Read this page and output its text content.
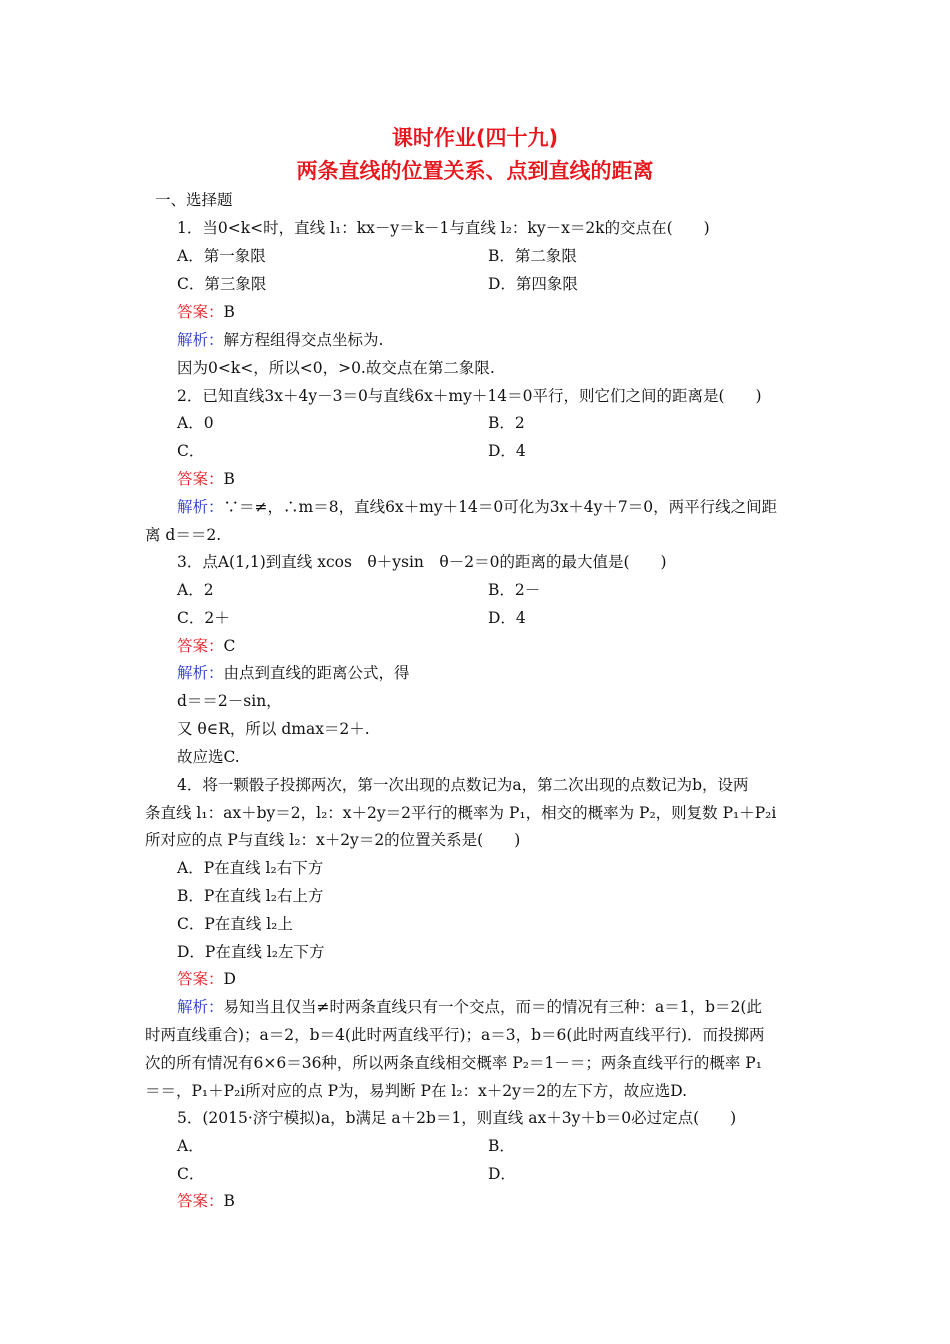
课时作业(四十九)
两条直线的位置关系、点到直线的距离
一、选择题
1．当0<k<时，直线 l₁：kx－y＝k－1与直线 l₂：ky－x＝2k的交点在(　　)
A．第一象限	B．第二象限
C．第三象限	D．第四象限
答案：B
解析：解方程组得交点坐标为.
因为0<k<，所以<0，>0.故交点在第二象限.
2．已知直线3x＋4y－3＝0与直线6x＋my＋14＝0平行，则它们之间的距离是(　　)
A．0	B．2
C．	D．4
答案：B
解析：∵＝≠，∴m＝8，直线6x＋my＋14＝0可化为3x＋4y＋7＝0，两平行线之间距
离 d＝＝2.
3．点A(1,1)到直线 xcos　θ＋ysin　θ－2＝0的距离的最大值是(　　)
A．2	B．2－
C．2＋	D．4
答案：C
解析：由点到直线的距离公式，得
d＝＝2－sin，
又 θ∈R，所以 dmax＝2＋.
故应选C.
4．将一颗骰子投掷两次，第一次出现的点数记为a，第二次出现的点数记为b，设两
条直线 l₁：ax＋by＝2，l₂：x＋2y＝2平行的概率为 P₁，相交的概率为 P₂，则复数 P₁＋P₂i
所对应的点 P与直线 l₂：x＋2y＝2的位置关系是(　　)
A．P在直线 l₂右下方
B．P在直线 l₂右上方
C．P在直线 l₂上
D．P在直线 l₂左下方
答案：D
解析：易知当且仅当≠时两条直线只有一个交点，而＝的情况有三种：a＝1，b＝2(此
时两直线重合)；a＝2，b＝4(此时两直线平行)；a＝3，b＝6(此时两直线平行)．而投掷两
次的所有情况有6×6＝36种，所以两条直线相交概率 P₂＝1－＝；两条直线平行的概率 P₁
＝＝，P₁＋P₂i所对应的点 P为，易判断 P在 l₂：x＋2y＝2的左下方，故应选D.
5．(2015·济宁模拟)a，b满足 a＋2b＝1，则直线 ax＋3y＋b＝0必过定点(　　)
A．	B．
C．	D．
答案：B
